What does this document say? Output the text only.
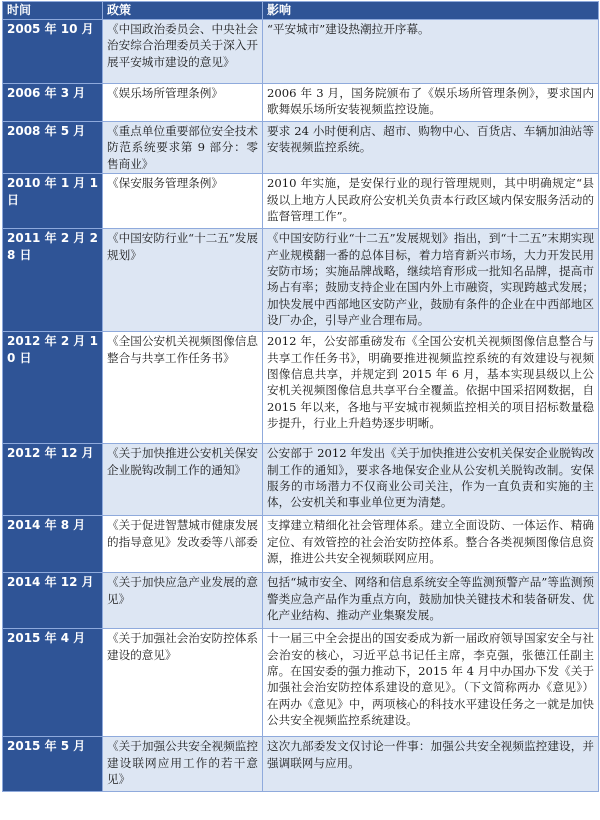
时间	政策	影响
2005 年 10 月	《中国政治委员会、中央社会治安综合治理委员关于深入开展平安城市建设的意见》	“平安城市”建设热潮拉开序幕。
2006 年 3 月	《娱乐场所管理条例》	2006 年 3 月，国务院颁布了《娱乐场所管理条例》，要求国内歌舞娱乐场所安装视频监控设施。
2008 年 5 月	《重点单位重要部位安全技术防范系统要求第 9 部分：零售商业》	要求 24 小时便利店、超市、购物中心、百货店、车辆加油站等安装视频监控系统。
2010 年 1 月 1 日	《保安服务管理条例》	2010 年实施，是安保行业的现行管理规则，其中明确规定“县级以上地方人民政府公安机关负责本行政区域内保安服务活动的监督管理工作”。
2011 年 2 月 28 日	《中国安防行业“十二五”发展规划》	《中国安防行业“十二五”发展规划》指出，到“十二五”末期实现产业规模翻一番的总体目标，着力培育新兴市场，大力开发民用安防市场；实施品牌战略，继续培育形成一批知名品牌，提高市场占有率；鼓励支持企业在国内外上市融资，实现跨越式发展；加快发展中西部地区安防产业，鼓励有条件的企业在中西部地区设厂办企，引导产业合理布局。
2012 年 2 月 10 日	《全国公安机关视频图像信息整合与共享工作任务书》	2012 年，公安部重磅发布《全国公安机关视频图像信息整合与共享工作任务书》，明确要推进视频监控系统的有效建设与视频图像信息共享，并规定到 2015 年 6 月，基本实现县级以上公安机关视频图像信息共享平台全覆盖。依据中国采招网数据，自 2015 年以来，各地与平安城市视频监控相关的项目招标数量稳步提升，行业上升趋势逐步明晰。
2012 年 12 月	《关于加快推进公安机关保安企业脱钩改制工作的通知》	公安部于 2012 年发出《关于加快推进公安机关保安企业脱钩改制工作的通知》，要求各地保安企业从公安机关脱钩改制。安保服务的市场潜力不仅商业公司关注，作为一直负责和实施的主体，公安机关和事业单位更为清楚。
2014 年 8 月	《关于促进智慧城市健康发展的指导意见》发改委等八部委	支撑建立精细化社会管理体系。建立全面设防、一体运作、精确定位、有效管控的社会治安防控体系。整合各类视频图像信息资源，推进公共安全视频联网应用。
2014 年 12 月	《关于加快应急产业发展的意见》	包括“城市安全、网络和信息系统安全等监测预警产品”等监测预警类应急产品作为重点方向，鼓励加快关键技术和装备研发、优化产业结构、推动产业集聚发展。
2015 年 4 月	《关于加强社会治安防控体系建设的意见》	十一届三中全会提出的国安委成为新一届政府领导国家安全与社会治安的核心，习近平总书记任主席，李克强，张德江任副主席。在国安委的强力推动下，2015 年 4 月中办国办下发《关于加强社会治安防控体系建设的意见》。（下文简称两办《意见》）在两办《意见》中，两项核心的科技水平建设任务之一就是加快公共安全视频监控系统建设。
2015 年 5 月	《关于加强公共安全视频监控建设联网应用工作的若干意见》	这次九部委发文仅讨论一件事：加强公共安全视频监控建设，并强调联网与应用。
